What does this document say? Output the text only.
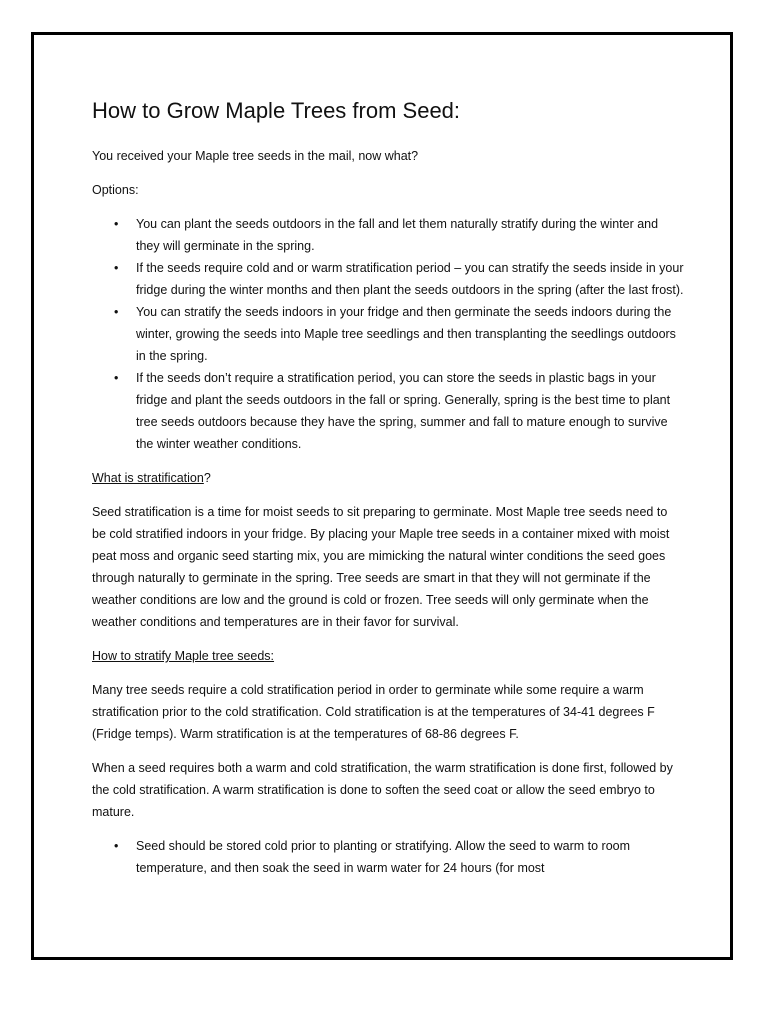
How to Grow Maple Trees from Seed:

You received your Maple tree seeds in the mail, now what?

Options:

• You can plant the seeds outdoors in the fall and let them naturally stratify during the winter and they will germinate in the spring.
• If the seeds require cold and or warm stratification period – you can stratify the seeds inside in your fridge during the winter months and then plant the seeds outdoors in the spring (after the last frost).
• You can stratify the seeds indoors in your fridge and then germinate the seeds indoors during the winter, growing the seeds into Maple tree seedlings and then transplanting the seedlings outdoors in the spring.
• If the seeds don’t require a stratification period, you can store the seeds in plastic bags in your fridge and plant the seeds outdoors in the fall or spring. Generally, spring is the best time to plant tree seeds outdoors because they have the spring, summer and fall to mature enough to survive the winter weather conditions.

What is stratification?

Seed stratification is a time for moist seeds to sit preparing to germinate. Most Maple tree seeds need to be cold stratified indoors in your fridge. By placing your Maple tree seeds in a container mixed with moist peat moss and organic seed starting mix, you are mimicking the natural winter conditions the seed goes through naturally to germinate in the spring. Tree seeds are smart in that they will not germinate if the weather conditions are low and the ground is cold or frozen. Tree seeds will only germinate when the weather conditions and temperatures are in their favor for survival.

How to stratify Maple tree seeds:

Many tree seeds require a cold stratification period in order to germinate while some require a warm stratification prior to the cold stratification. Cold stratification is at the temperatures of 34-41 degrees F (Fridge temps). Warm stratification is at the temperatures of 68-86 degrees F.

When a seed requires both a warm and cold stratification, the warm stratification is done first, followed by the cold stratification. A warm stratification is done to soften the seed coat or allow the seed embryo to mature.

• Seed should be stored cold prior to planting or stratifying. Allow the seed to warm to room temperature, and then soak the seed in warm water for 24 hours (for most
